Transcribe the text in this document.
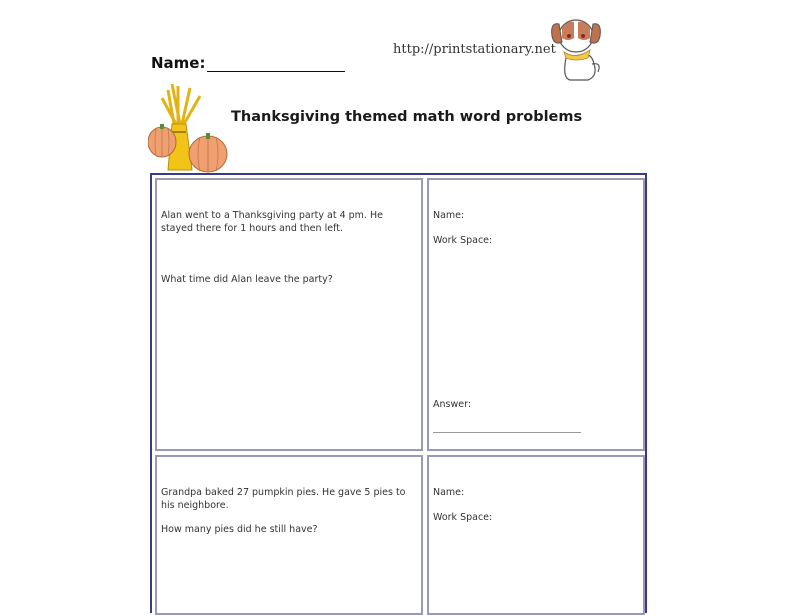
Name:
http://printstationary.net
Thanksgiving themed math word problems

Alan went to a Thanksgiving party at 4 pm. He stayed there for 1 hours and then left.

What time did Alan leave the party?

Name:

Work Space:

Answer:

Grandpa baked 27 pumpkin pies. He gave 5 pies to his neighbore.

How many pies did he still have?

Name:

Work Space:
